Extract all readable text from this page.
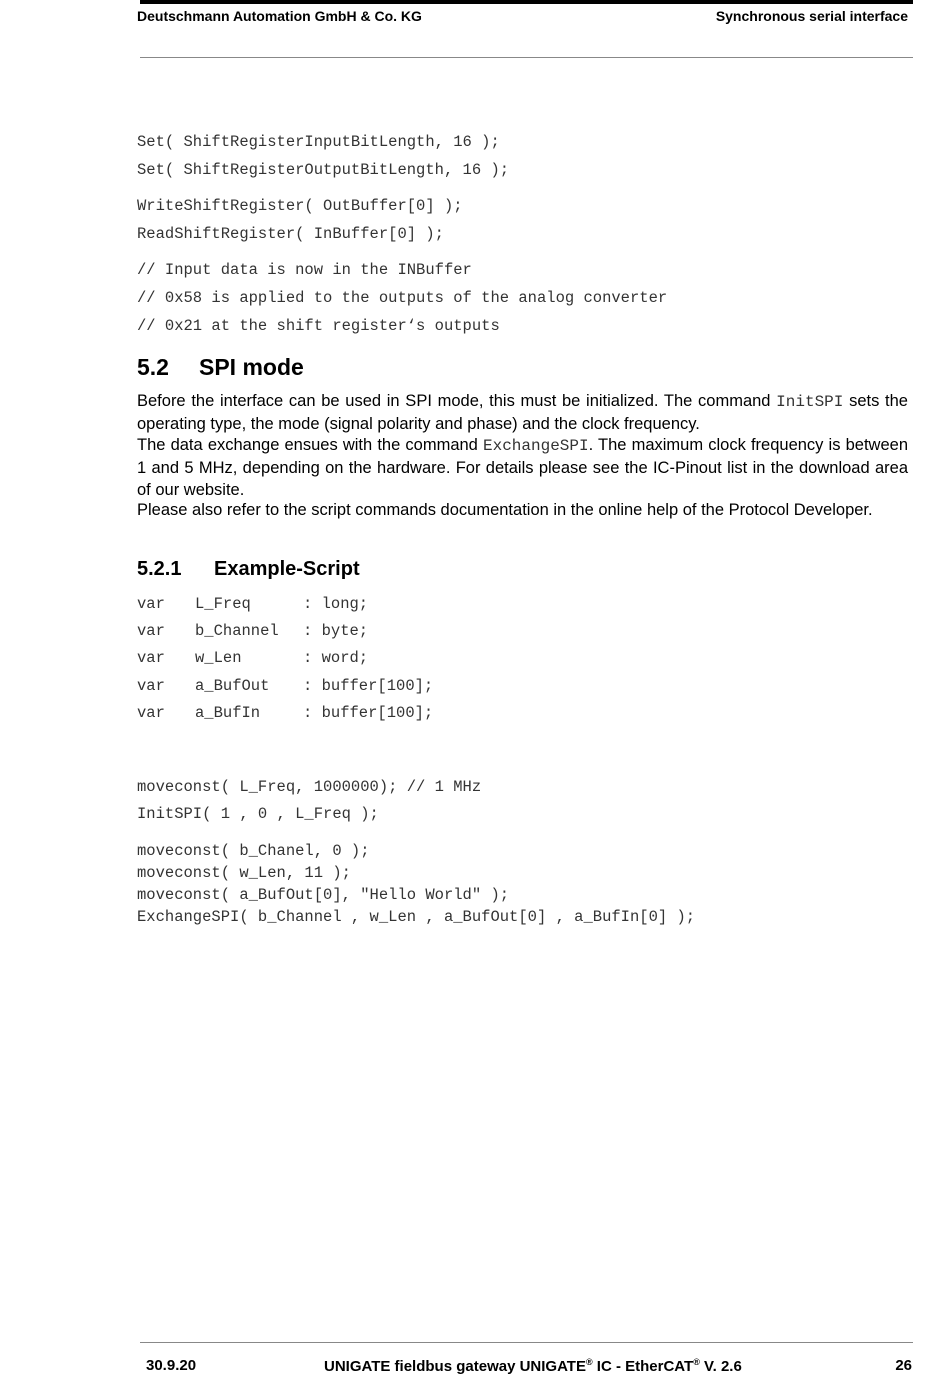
Deutschmann Automation GmbH & Co. KG	Synchronous serial interface
Set( ShiftRegisterInputBitLength, 16 );
Set( ShiftRegisterOutputBitLength, 16 );
WriteShiftRegister( OutBuffer[0] );
ReadShiftRegister( InBuffer[0] );
// Input data is now in the INBuffer
// 0x58 is applied to the outputs of the analog converter
// 0x21 at the shift register‘s outputs
5.2 SPI mode
Before the interface can be used in SPI mode, this must be initialized. The command InitSPI sets the operating type, the mode (signal polarity and phase) and the clock frequency.
The data exchange ensues with the command ExchangeSPI. The maximum clock frequency is between 1 and 5 MHz, depending on the hardware. For details please see the IC-Pinout list in the download area of our website.
Please also refer to the script commands documentation in the online help of the Protocol Developer.
5.2.1 Example-Script

var L_Freq	: long;

var b_Channel : byte;

var w_Len	: word;

var a_BufOut : buffer[100];

var a_BufIn	: buffer[100];

moveconst( L_Freq, 1000000); // 1 MHz
InitSPI( 1 , 0 , L_Freq );
moveconst( b_Chanel, 0 );
moveconst( w_Len, 11 );
moveconst( a_BufOut[0], "Hello World" );
ExchangeSPI( b_Channel , w_Len , a_BufOut[0] , a_BufIn[0] );
30.9.20	UNIGATE fieldbus gateway UNIGATE® IC - EtherCAT® V. 2.6	26
